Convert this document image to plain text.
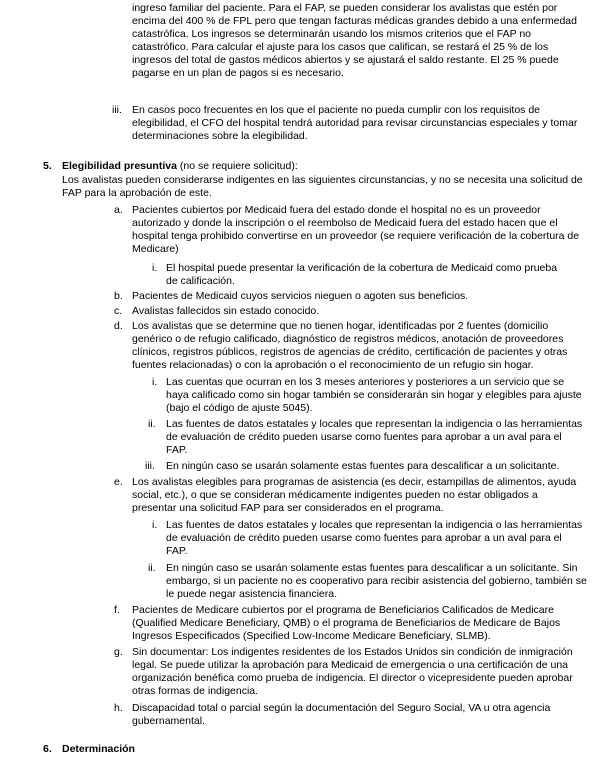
ingreso familiar del paciente. Para el FAP, se pueden considerar los avalistas que estén por encima del 400 % de FPL pero que tengan facturas médicas grandes debido a una enfermedad catastrófica. Los ingresos se determinarán usando los mismos criterios que el FAP no catastrófico. Para calcular el ajuste para los casos que califican, se restará el 25 % de los ingresos del total de gastos médicos abiertos y se ajustará el saldo restante. El 25 % puede pagarse en un plan de pagos si es necesario.

iii. En casos poco frecuentes en los que el paciente no pueda cumplir con los requisitos de elegibilidad, el CFO del hospital tendrá autoridad para revisar circunstancias especiales y tomar determinaciones sobre la elegibilidad.

5. Elegibilidad presuntiva (no se requiere solicitud):

Los avalistas pueden considerarse indigentes en las siguientes circunstancias, y no se necesita una solicitud de FAP para la aprobación de este.

a. Pacientes cubiertos por Medicaid fuera del estado donde el hospital no es un proveedor autorizado y donde la inscripción o el reembolso de Medicaid fuera del estado hacen que el hospital tenga prohibido convertirse en un proveedor (se requiere verificación de la cobertura de Medicare)

i. El hospital puede presentar la verificación de la cobertura de Medicaid como prueba de calificación.

b. Pacientes de Medicaid cuyos servicios nieguen o agoten sus beneficios.

c. Avalistas fallecidos sin estado conocido.

d. Los avalistas que se determine que no tienen hogar, identificadas por 2 fuentes (domicilio genérico o de refugio calificado, diagnóstico de registros médicos, anotación de proveedores clínicos, registros públicos, registros de agencias de crédito, certificación de pacientes y otras fuentes relacionadas) o con la aprobación o el reconocimiento de un refugio sin hogar.

i. Las cuentas que ocurran en los 3 meses anteriores y posteriores a un servicio que se haya calificado como sin hogar también se considerarán sin hogar y elegibles para ajuste (bajo el código de ajuste 5045).

ii. Las fuentes de datos estatales y locales que representan la indigencia o las herramientas de evaluación de crédito pueden usarse como fuentes para aprobar a un aval para el FAP.

iii. En ningún caso se usarán solamente estas fuentes para descalificar a un solicitante.

e. Los avalistas elegibles para programas de asistencia (es decir, estampillas de alimentos, ayuda social, etc.), o que se consideran médicamente indigentes pueden no estar obligados a presentar una solicitud FAP para ser considerados en el programa.

i. Las fuentes de datos estatales y locales que representan la indigencia o las herramientas de evaluación de crédito pueden usarse como fuentes para aprobar a un aval para el FAP.

ii. En ningún caso se usarán solamente estas fuentes para descalificar a un solicitante. Sin embargo, si un paciente no es cooperativo para recibir asistencia del gobierno, también se le puede negar asistencia financiera.

f. Pacientes de Medicare cubiertos por el programa de Beneficiarios Calificados de Medicare (Qualified Medicare Beneficiary, QMB) o el programa de Beneficiarios de Medicare de Bajos Ingresos Especificados (Specified Low-Income Medicare Beneficiary, SLMB).

g. Sin documentar: Los indigentes residentes de los Estados Unidos sin condición de inmigración legal. Se puede utilizar la aprobación para Medicaid de emergencia o una certificación de una organización benéfica como prueba de indigencia. El director o vicepresidente pueden aprobar otras formas de indigencia.

h. Discapacidad total o parcial según la documentación del Seguro Social, VA u otra agencia gubernamental.

6. Determinación
